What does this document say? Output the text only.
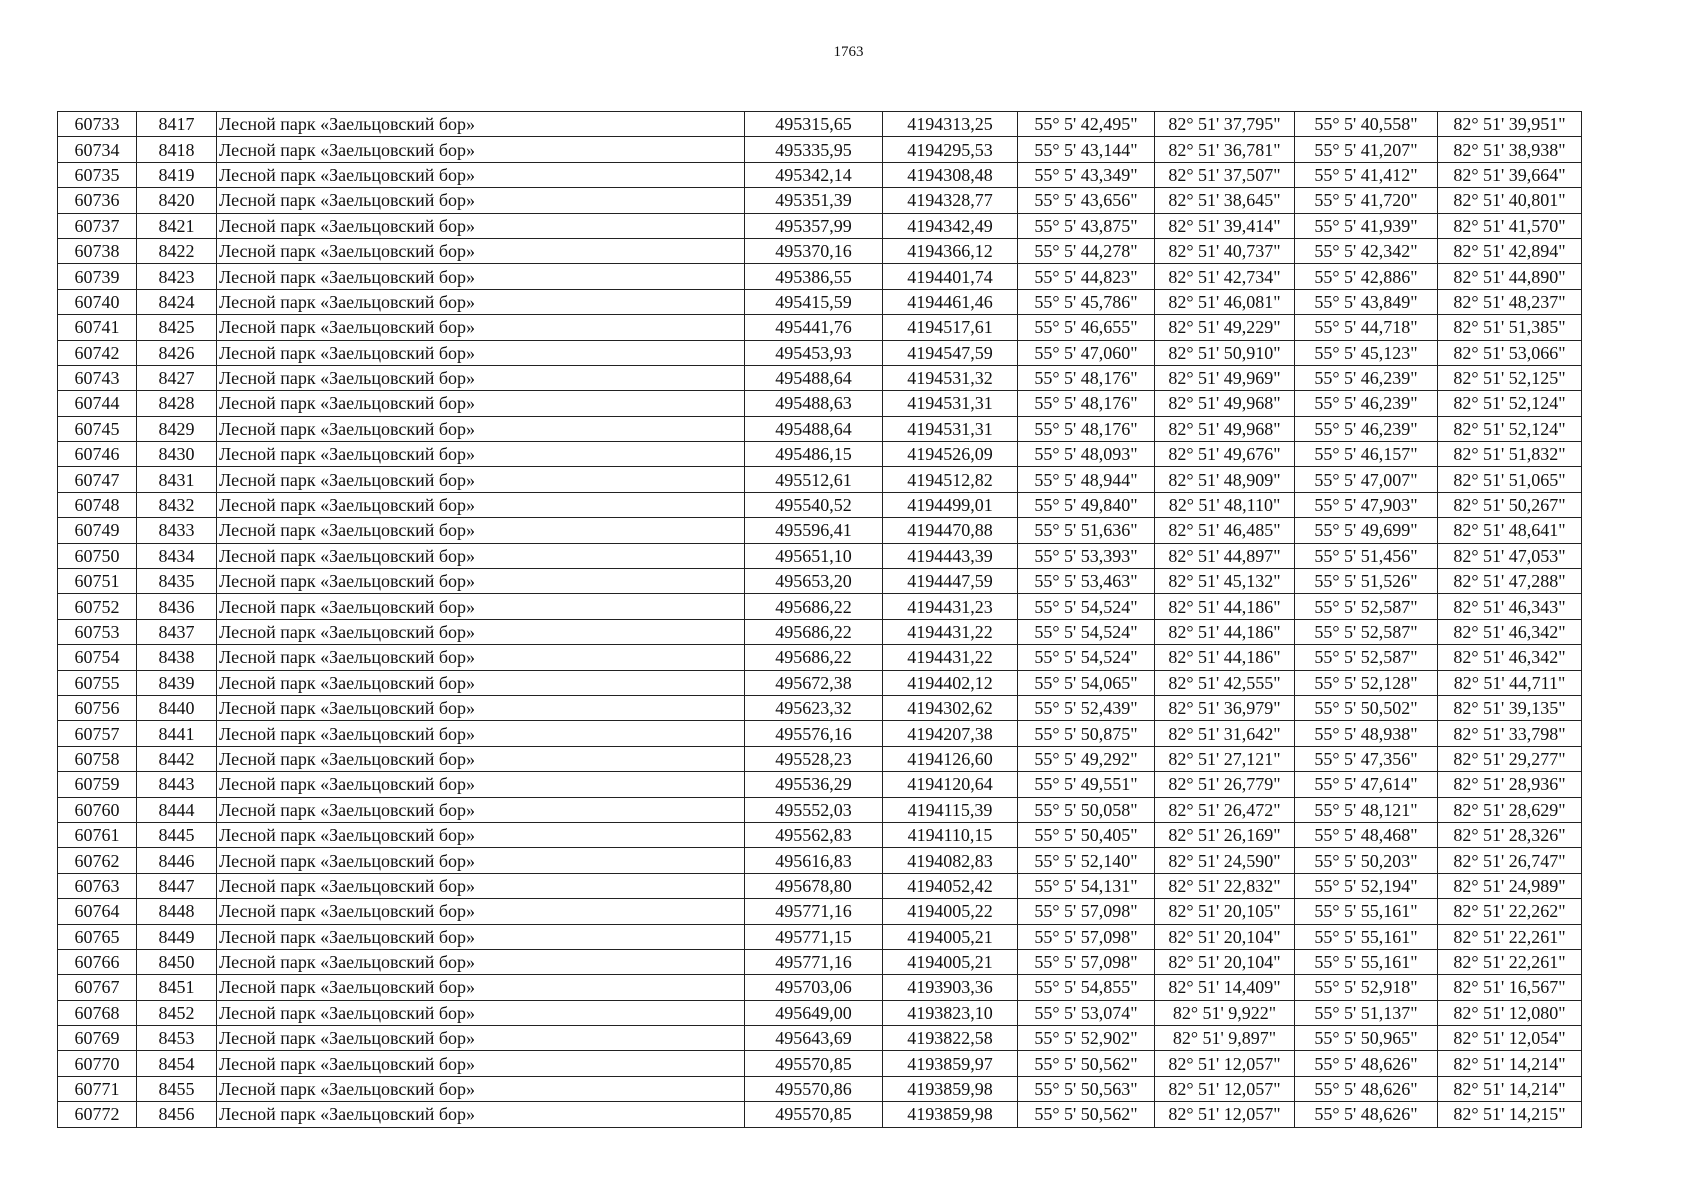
1763
60733	8417	Лесной парк «Заельцовский бор»	495315,65	4194313,25	55° 5' 42,495"	82° 51' 37,795"	55° 5' 40,558"	82° 51' 39,951"
60734	8418	Лесной парк «Заельцовский бор»	495335,95	4194295,53	55° 5' 43,144"	82° 51' 36,781"	55° 5' 41,207"	82° 51' 38,938"
60735	8419	Лесной парк «Заельцовский бор»	495342,14	4194308,48	55° 5' 43,349"	82° 51' 37,507"	55° 5' 41,412"	82° 51' 39,664"
60736	8420	Лесной парк «Заельцовский бор»	495351,39	4194328,77	55° 5' 43,656"	82° 51' 38,645"	55° 5' 41,720"	82° 51' 40,801"
60737	8421	Лесной парк «Заельцовский бор»	495357,99	4194342,49	55° 5' 43,875"	82° 51' 39,414"	55° 5' 41,939"	82° 51' 41,570"
60738	8422	Лесной парк «Заельцовский бор»	495370,16	4194366,12	55° 5' 44,278"	82° 51' 40,737"	55° 5' 42,342"	82° 51' 42,894"
60739	8423	Лесной парк «Заельцовский бор»	495386,55	4194401,74	55° 5' 44,823"	82° 51' 42,734"	55° 5' 42,886"	82° 51' 44,890"
60740	8424	Лесной парк «Заельцовский бор»	495415,59	4194461,46	55° 5' 45,786"	82° 51' 46,081"	55° 5' 43,849"	82° 51' 48,237"
60741	8425	Лесной парк «Заельцовский бор»	495441,76	4194517,61	55° 5' 46,655"	82° 51' 49,229"	55° 5' 44,718"	82° 51' 51,385"
60742	8426	Лесной парк «Заельцовский бор»	495453,93	4194547,59	55° 5' 47,060"	82° 51' 50,910"	55° 5' 45,123"	82° 51' 53,066"
60743	8427	Лесной парк «Заельцовский бор»	495488,64	4194531,32	55° 5' 48,176"	82° 51' 49,969"	55° 5' 46,239"	82° 51' 52,125"
60744	8428	Лесной парк «Заельцовский бор»	495488,63	4194531,31	55° 5' 48,176"	82° 51' 49,968"	55° 5' 46,239"	82° 51' 52,124"
60745	8429	Лесной парк «Заельцовский бор»	495488,64	4194531,31	55° 5' 48,176"	82° 51' 49,968"	55° 5' 46,239"	82° 51' 52,124"
60746	8430	Лесной парк «Заельцовский бор»	495486,15	4194526,09	55° 5' 48,093"	82° 51' 49,676"	55° 5' 46,157"	82° 51' 51,832"
60747	8431	Лесной парк «Заельцовский бор»	495512,61	4194512,82	55° 5' 48,944"	82° 51' 48,909"	55° 5' 47,007"	82° 51' 51,065"
60748	8432	Лесной парк «Заельцовский бор»	495540,52	4194499,01	55° 5' 49,840"	82° 51' 48,110"	55° 5' 47,903"	82° 51' 50,267"
60749	8433	Лесной парк «Заельцовский бор»	495596,41	4194470,88	55° 5' 51,636"	82° 51' 46,485"	55° 5' 49,699"	82° 51' 48,641"
60750	8434	Лесной парк «Заельцовский бор»	495651,10	4194443,39	55° 5' 53,393"	82° 51' 44,897"	55° 5' 51,456"	82° 51' 47,053"
60751	8435	Лесной парк «Заельцовский бор»	495653,20	4194447,59	55° 5' 53,463"	82° 51' 45,132"	55° 5' 51,526"	82° 51' 47,288"
60752	8436	Лесной парк «Заельцовский бор»	495686,22	4194431,23	55° 5' 54,524"	82° 51' 44,186"	55° 5' 52,587"	82° 51' 46,343"
60753	8437	Лесной парк «Заельцовский бор»	495686,22	4194431,22	55° 5' 54,524"	82° 51' 44,186"	55° 5' 52,587"	82° 51' 46,342"
60754	8438	Лесной парк «Заельцовский бор»	495686,22	4194431,22	55° 5' 54,524"	82° 51' 44,186"	55° 5' 52,587"	82° 51' 46,342"
60755	8439	Лесной парк «Заельцовский бор»	495672,38	4194402,12	55° 5' 54,065"	82° 51' 42,555"	55° 5' 52,128"	82° 51' 44,711"
60756	8440	Лесной парк «Заельцовский бор»	495623,32	4194302,62	55° 5' 52,439"	82° 51' 36,979"	55° 5' 50,502"	82° 51' 39,135"
60757	8441	Лесной парк «Заельцовский бор»	495576,16	4194207,38	55° 5' 50,875"	82° 51' 31,642"	55° 5' 48,938"	82° 51' 33,798"
60758	8442	Лесной парк «Заельцовский бор»	495528,23	4194126,60	55° 5' 49,292"	82° 51' 27,121"	55° 5' 47,356"	82° 51' 29,277"
60759	8443	Лесной парк «Заельцовский бор»	495536,29	4194120,64	55° 5' 49,551"	82° 51' 26,779"	55° 5' 47,614"	82° 51' 28,936"
60760	8444	Лесной парк «Заельцовский бор»	495552,03	4194115,39	55° 5' 50,058"	82° 51' 26,472"	55° 5' 48,121"	82° 51' 28,629"
60761	8445	Лесной парк «Заельцовский бор»	495562,83	4194110,15	55° 5' 50,405"	82° 51' 26,169"	55° 5' 48,468"	82° 51' 28,326"
60762	8446	Лесной парк «Заельцовский бор»	495616,83	4194082,83	55° 5' 52,140"	82° 51' 24,590"	55° 5' 50,203"	82° 51' 26,747"
60763	8447	Лесной парк «Заельцовский бор»	495678,80	4194052,42	55° 5' 54,131"	82° 51' 22,832"	55° 5' 52,194"	82° 51' 24,989"
60764	8448	Лесной парк «Заельцовский бор»	495771,16	4194005,22	55° 5' 57,098"	82° 51' 20,105"	55° 5' 55,161"	82° 51' 22,262"
60765	8449	Лесной парк «Заельцовский бор»	495771,15	4194005,21	55° 5' 57,098"	82° 51' 20,104"	55° 5' 55,161"	82° 51' 22,261"
60766	8450	Лесной парк «Заельцовский бор»	495771,16	4194005,21	55° 5' 57,098"	82° 51' 20,104"	55° 5' 55,161"	82° 51' 22,261"
60767	8451	Лесной парк «Заельцовский бор»	495703,06	4193903,36	55° 5' 54,855"	82° 51' 14,409"	55° 5' 52,918"	82° 51' 16,567"
60768	8452	Лесной парк «Заельцовский бор»	495649,00	4193823,10	55° 5' 53,074"	82° 51' 9,922"	55° 5' 51,137"	82° 51' 12,080"
60769	8453	Лесной парк «Заельцовский бор»	495643,69	4193822,58	55° 5' 52,902"	82° 51' 9,897"	55° 5' 50,965"	82° 51' 12,054"
60770	8454	Лесной парк «Заельцовский бор»	495570,85	4193859,97	55° 5' 50,562"	82° 51' 12,057"	55° 5' 48,626"	82° 51' 14,214"
60771	8455	Лесной парк «Заельцовский бор»	495570,86	4193859,98	55° 5' 50,563"	82° 51' 12,057"	55° 5' 48,626"	82° 51' 14,214"
60772	8456	Лесной парк «Заельцовский бор»	495570,85	4193859,98	55° 5' 50,562"	82° 51' 12,057"	55° 5' 48,626"	82° 51' 14,215"
